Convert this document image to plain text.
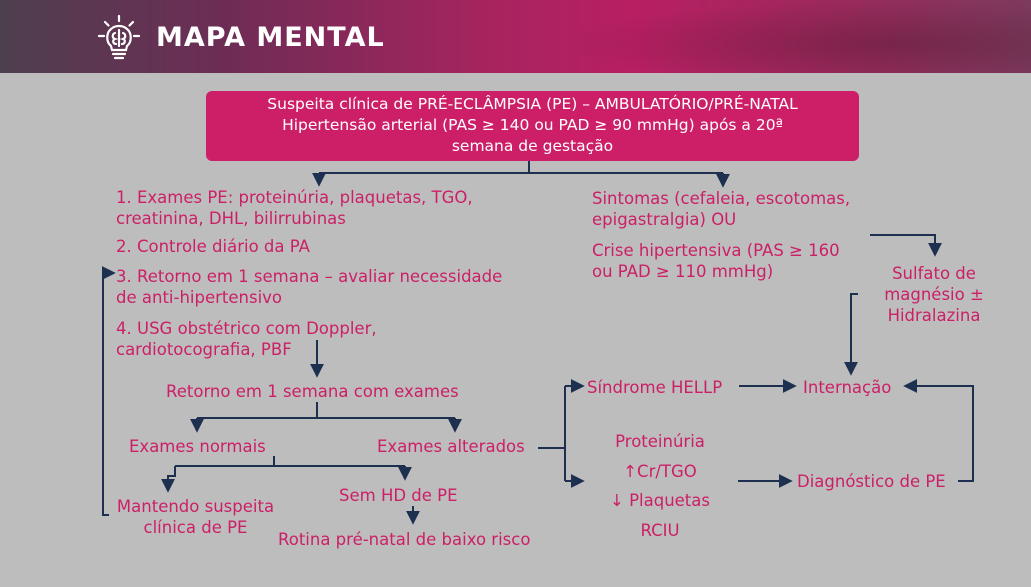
MAPA MENTAL
Suspeita clínica de PRÉ-ECLÂMPSIA (PE) – AMBULATÓRIO/PRÉ-NATAL
Hipertensão arterial (PAS ≥ 140 ou PAD ≥ 90 mmHg) após a 20ª
semana de gestação
1. Exames PE: proteinúria, plaquetas, TGO,
creatinina, DHL, bilirrubinas
2. Controle diário da PA
3. Retorno em 1 semana – avaliar necessidade
de anti-hipertensivo
4. USG obstétrico com Doppler,
cardiotocografia, PBF
Retorno em 1 semana com exames
Exames normais	Exames alterados
Mantendo suspeita
clínica de PE
Sem HD de PE
Rotina pré-natal de baixo risco
Sintomas (cefaleia, escotomas,
epigastralgia) OU
Crise hipertensiva (PAS ≥ 160
ou PAD ≥ 110 mmHg)	Sulfato de
magnésio ±
Hidralazina
Síndrome HELLP	Internação
Proteinúria
↑Cr/TGO
↓ Plaquetas
RCIU
Diagnóstico de PE
